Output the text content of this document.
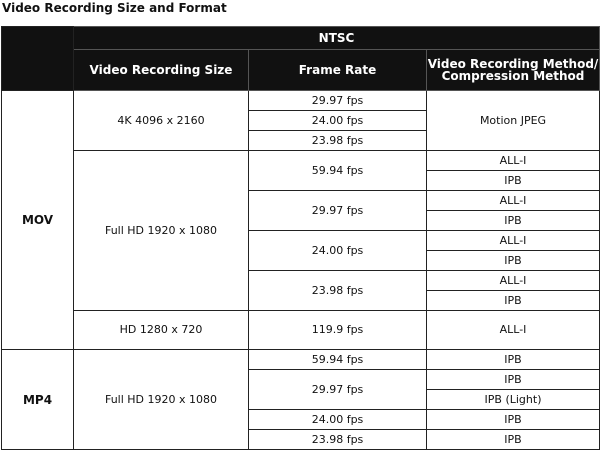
Video Recording Size and Format
	NTSC		
	Video Recording Size	Frame Rate	Video Recording Method/ Compression Method
MOV	4K 4096 x 2160	29.97 fps	Motion JPEG
		24.00 fps	
		23.98 fps	
	Full HD 1920 x 1080	59.94 fps	ALL-I
			IPB
		29.97 fps	ALL-I
			IPB
		24.00 fps	ALL-I
			IPB
		23.98 fps	ALL-I
			IPB
	HD 1280 x 720	119.9 fps	ALL-I

MP4	Full HD 1920 x 1080	59.94 fps	IPB
		29.97 fps	IPB
			IPB (Light)
		24.00 fps	IPB
		23.98 fps	IPB
